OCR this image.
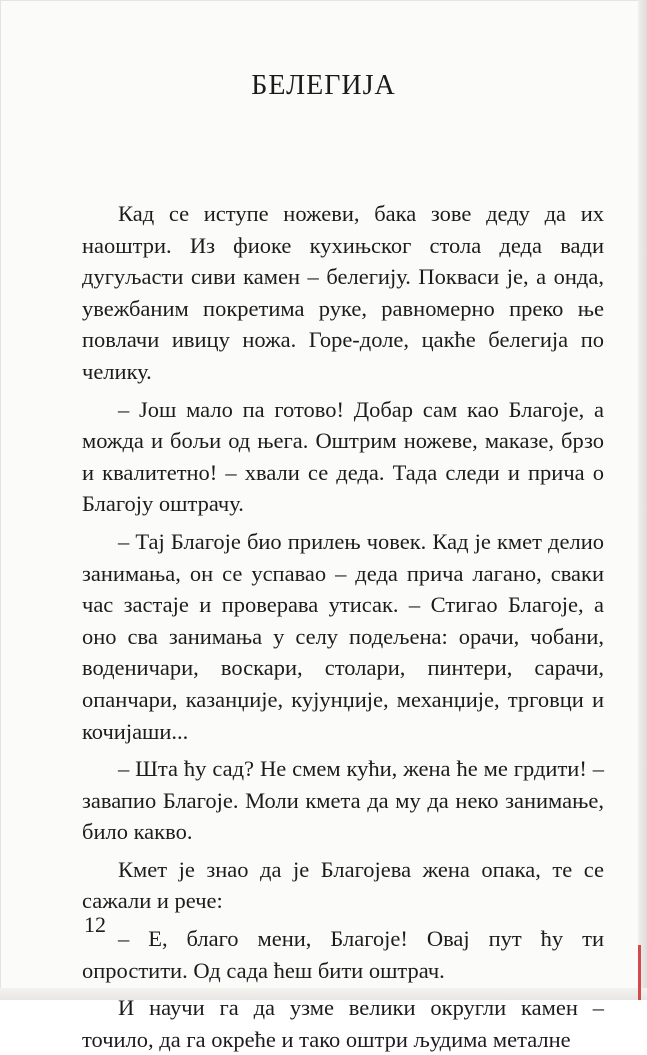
БЕЛЕГИЈА

Кад се иступе ножеви, бака зове деду да их наоштри. Из фиоке кухињског стола деда вади дугуљасти сиви камен – белегију. Покваси је, а онда, увежбаним покретима руке, равномерно преко ње повлачи ивицу ножа. Горе-доле, цакће белегија по челику.

– Још мало па готово! Добар сам као Благоје, а можда и бољи од њега. Оштрим ножеве, маказе, брзо и квалитетно! – хвали се деда. Тада следи и прича о Благоју оштрачу.

– Тај Благоје био прилењ човек. Кад је кмет делио занимања, он се успавао – деда прича лагано, сваки час застаје и проверава утисак. – Стигао Благоје, а оно сва занимања у селу подељена: орачи, чобани, воденичари, воскари, столари, пинтери, сарачи, опанчари, казанџије, кујунџије, механџије, трговци и кочијаши...

– Шта ћу сад? Не смем кући, жена ће ме грдити! – завапио Благоје. Моли кмета да му да неко занимање, било какво.

Кмет је знао да је Благојева жена опака, те се сажали и рече:

– Е, благо мени, Благоје! Овај пут ћу ти опростити. Од сада ћеш бити оштрач.

И научи га да узме велики округли камен – точило, да га окреће и тако оштри људима металне

12
